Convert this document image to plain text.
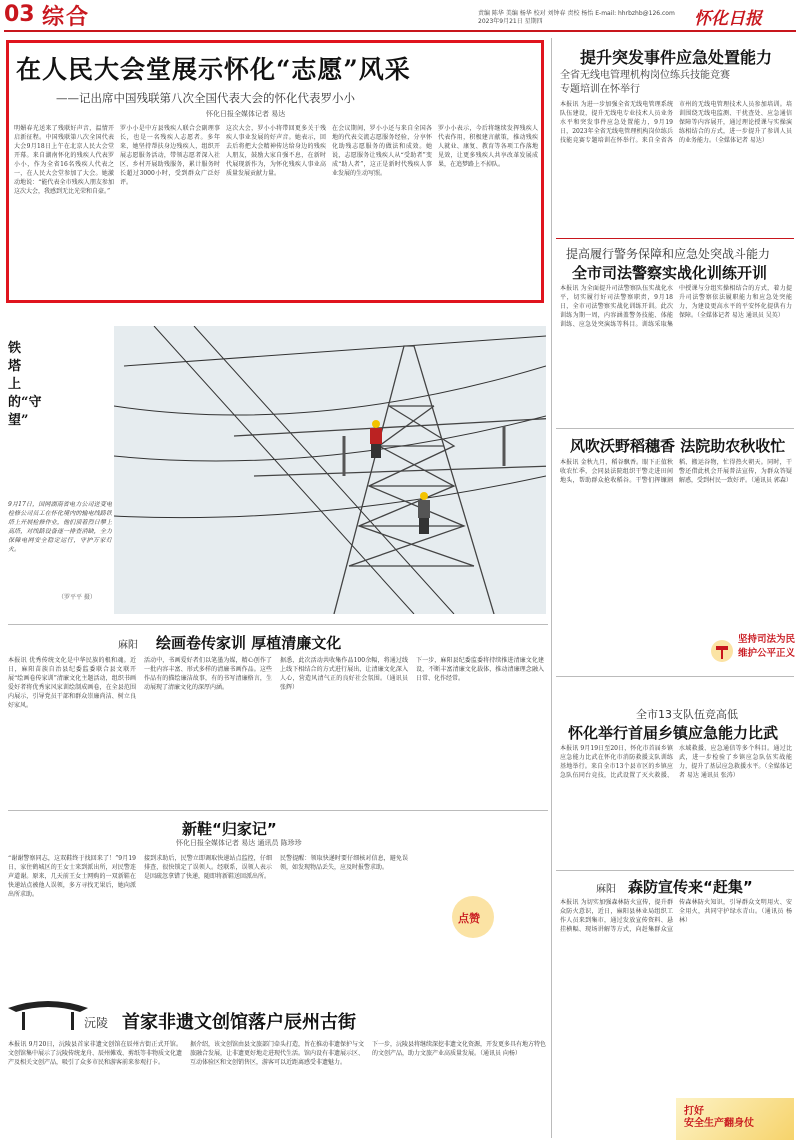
03 综合	责编 陈华 美编 杨华 校对 刘钟春 责校 杨怡 E-mail: hhrbzhb@126.com
2023年9月21日 星期四	怀化日报
在人民大会堂展示怀化“志愿”风采
——记出席中国残联第八次全国代表大会的怀化代表罗小小
怀化日报全媒体记者 易达
明媚春光送来了残联好声音，温情开启新征程。中国残联第八次全国代表大会9月18日上午在北京人民大会堂开幕。来自湖南怀化的残疾人代表罗小小，作为全省16名残疾人代表之一，在人民大会堂参加了大会。她激动地说：“能代表全市残疾人朋友参加这次大会，我感到无比光荣和自豪。”
罗小小是中方县残疾人联合会副理事长，也是一名残疾人志愿者。多年来，她坚持帮扶身边残疾人，组织开展志愿服务活动，带领志愿者深入社区、乡村开展助残服务，累计服务时长超过3000小时，受到群众广泛好评。
这次大会，罗小小将带回更多关于残疾人事业发展的好声音。她表示，回去后将把大会精神传达给身边的残疾人朋友，鼓励大家自强不息，在新时代展现新作为，为怀化残疾人事业高质量发展贡献力量。
在会议期间，罗小小还与来自全国各地的代表交流志愿服务经验，分享怀化助残志愿服务的做法和成效。她说，志愿服务让残疾人从“受助者”变成“助人者”，这正是新时代残疾人事业发展的生动写照。
罗小小表示，今后将继续发挥残疾人代表作用，积极建言献策，推动残疾人就业、康复、教育等各项工作落地见效，让更多残疾人共享改革发展成果，在追梦路上不掉队。
提升突发事件应急处置能力
全省无线电管理机构岗位练兵技能竞赛
专题培训在怀举行
本报讯 为进一步加强全省无线电管理系统队伍建设，提升无线电专业技术人员业务水平和突发事件应急处置能力，9月19日，2023年全省无线电管理机构岗位练兵技能竞赛专题培训在怀举行。来自全省各市州的无线电管理技术人员参加培训。培训围绕无线电监测、干扰查处、应急通信保障等内容展开，通过理论授课与实操演练相结合的方式，进一步提升了参训人员的业务能力。（全媒体记者 易达）
提高履行警务保障和应急处突战斗能力
全市司法警察实战化训练开训
本报讯 为全面提升司法警察队伍实战化水平，切实履行好司法警察职责，9月18日，全市司法警察实战化训练开训。此次训练为期一周，内容涵盖警务技能、体能训练、应急处突演练等科目。训练采取集中授课与分组实操相结合的方式，着力提升司法警察依法履职能力和应急处突能力，为建设更高水平的平安怀化提供有力保障。（全媒体记者 易达 通讯员 吴英）
风吹沃野稻穗香 法院助农秋收忙
本报讯 金秋九月，稻谷飘香。眼下正值秋收农忙季，会同县法院组织干警走进田间地头，帮助群众抢收稻谷。干警们挥镰割稻、搬运谷物，忙得热火朝天。同时，干警还借此机会开展普法宣传，为群众答疑解惑，受到村民一致好评。（通讯员 郭森）
坚持司法为民 维护公平正义
全市13支队伍竞高低
怀化举行首届乡镇应急能力比武
本报讯 9月19日至20日，怀化市首届乡镇应急能力比武在怀化市消防救援支队训练基地举行。来自全市13个县市区的乡镇应急队伍同台竞技，比武设置了灭火救援、水域救援、应急通信等多个科目。通过比武，进一步检验了乡镇应急队伍实战能力，提升了基层应急救援水平。（全媒体记者 易达 通讯员 张涛）
麻阳 森防宣传来“赶集”
本报讯 为切实加强森林防火宣传，提升群众防火意识，近日，麻阳县林业局组织工作人员来到集市，通过发放宣传资料、悬挂横幅、现场讲解等方式，向赶集群众宣传森林防火知识，引导群众文明用火、安全用火，共同守护绿水青山。（通讯员 杨林）
打好
安全生产翻身仗
铁塔上的“守望”
9月17日，国网湖南省电力公司送变电检修公司员工在怀化境内的输电线路铁塔上开展检修作业，他们顶着烈日攀上高塔，对线路设备逐一排查消缺，全力保障电网安全稳定运行，守护万家灯火。
（罗平平 摄）
麻阳 绘画卷传家训 厚植清廉文化
本报讯 优秀传统文化是中华民族的根和魂。近日，麻阳苗族自治县纪委监委联合县文联开展“绘画卷传家训”清廉文化主题活动，组织书画爱好者将优秀家风家训绘制成画卷，在全县范围内展示，引导党员干部和群众崇廉尚洁、树立良好家风。
活动中，书画爱好者们以笔墨为媒，精心创作了一批内容丰富、形式多样的清廉书画作品。这些作品有的描绘廉洁故事，有的书写清廉格言，生动展现了清廉文化的深厚内涵。
据悉，此次活动共收集作品100余幅，将通过线上线下相结合的方式进行展出，让清廉文化深入人心，营造风清气正的良好社会氛围。（通讯员 张辉）
下一步，麻阳县纪委监委将持续推进清廉文化建设，不断丰富清廉文化载体，推动清廉理念融入日常、化作经常。
新鞋“归家记”
怀化日报全媒体记者 易达 通讯员 陈珍珍
“谢谢警察同志，这双鞋终于找回来了！”9月19日，家住鹤城区的王女士来到派出所，对民警连声道谢。原来，几天前王女士网购的一双新鞋在快递站点被他人误领，多方寻找无果后，她向派出所求助。
接到求助后，民警立即调取快递站点监控，仔细排查，很快锁定了误领人。经联系，误领人表示是因疏忽拿错了快递，随即将新鞋送回派出所。
民警提醒：领取快递时要仔细核对信息，避免误领，如发现物品丢失，应及时报警求助。
点赞
沅陵 首家非遗文创馆落户辰州古街
本报讯 9月20日，沅陵县首家非遗文创馆在辰州古街正式开馆。文创馆集中展示了沅陵传统龙舟、辰州傩戏、剪纸等非物质文化遗产及相关文创产品，吸引了众多市民和游客前来参观打卡。
据介绍，该文创馆由县文旅部门牵头打造，旨在推动非遗保护与文旅融合发展，让非遗更好地走进现代生活。馆内设有非遗展示区、互动体验区和文创销售区，游客可以近距离感受非遗魅力。
下一步，沅陵县将继续深挖非遗文化资源，开发更多具有地方特色的文创产品，助力文旅产业高质量发展。（通讯员 向杨）
